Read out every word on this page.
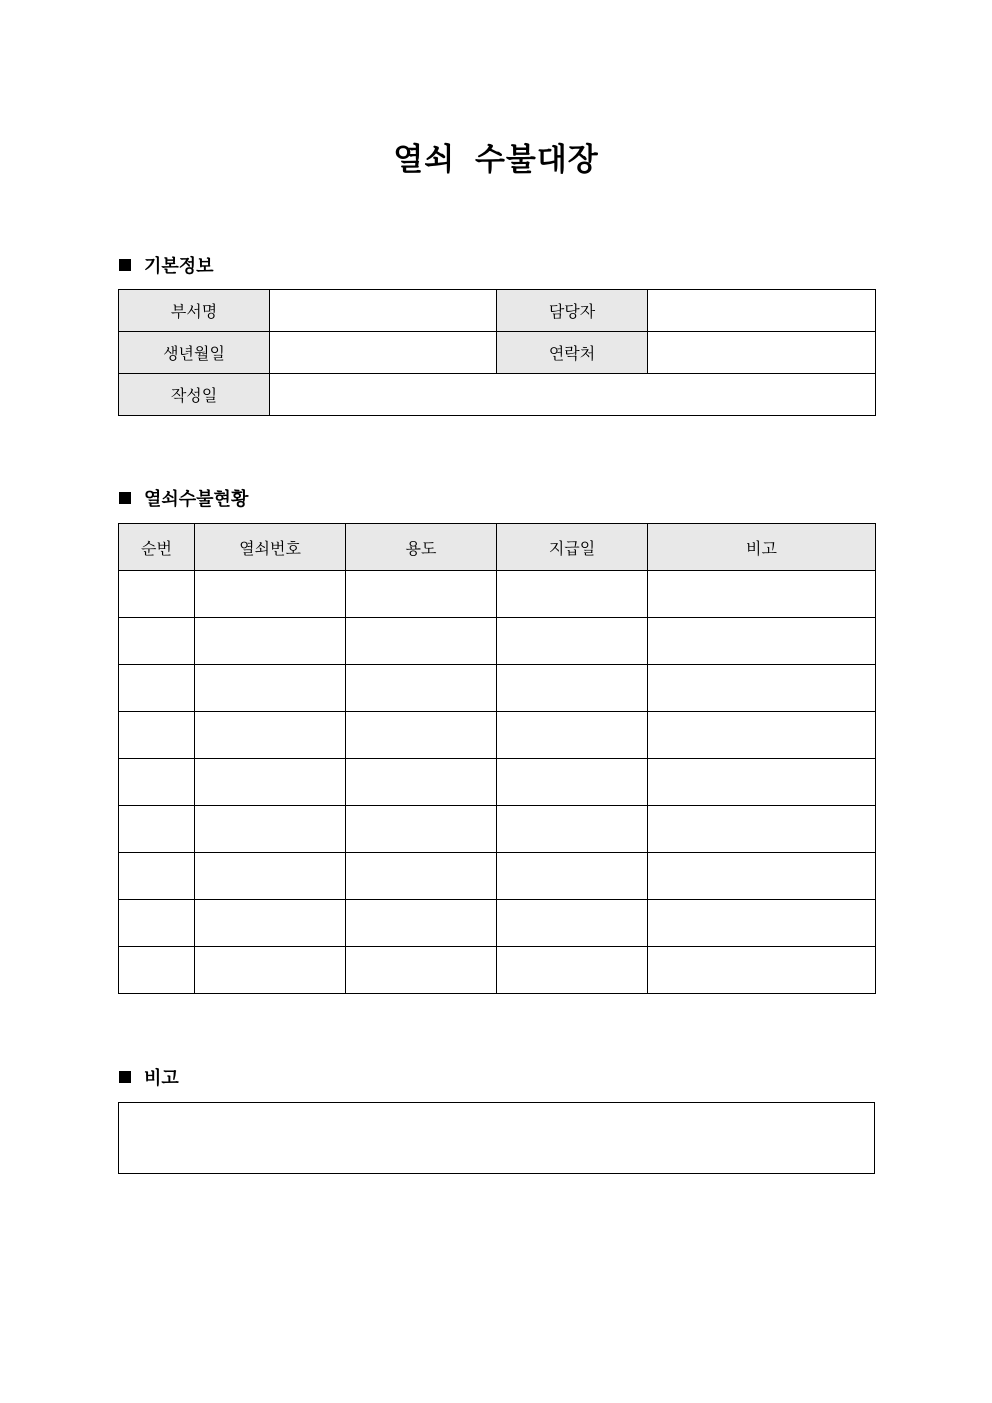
열쇠 수불대장
기본정보
부서명		담당자	
생년월일		연락처	
작성일			
열쇠수불현황
순번	열쇠번호	용도	지급일	비고

비고
